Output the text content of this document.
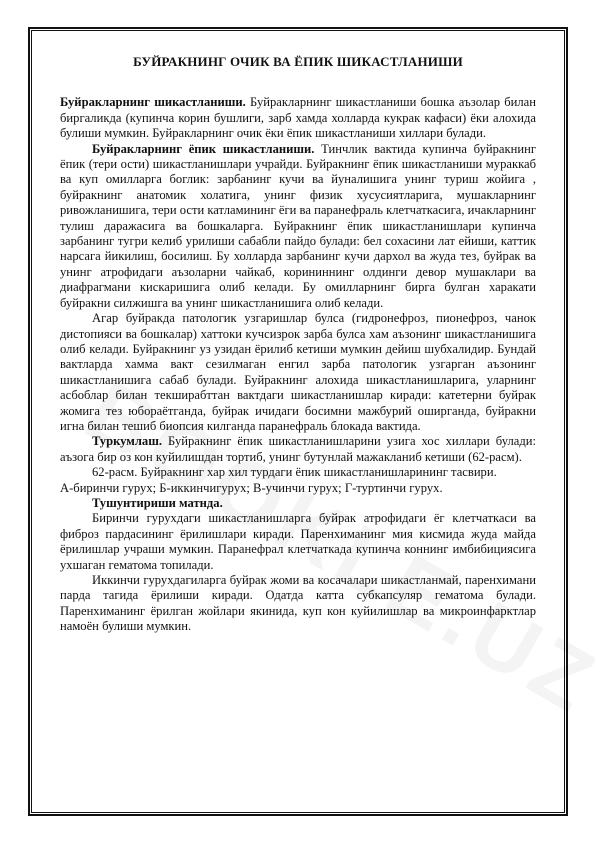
БУЙРАКНИНГ ОЧИК ВА ЁПИК ШИКАСТЛАНИШИ

Буйракларнинг шикастланиши. Буйракларнинг шикастланиши бошка аъзолар билан биргаликда (купинча корин бушлиги, зарб хамда холларда кукрак кафаси) ёки алохида булиши мумкин. Буйракларнинг очик ёки ёпик шикастланиши хиллари булади.

Буйракларнинг ёпик шикастланиши. Тинчлик вактида купинча буйракнинг ёпик (тери ости) шикастланишлари учрайди. Буйракнинг ёпик шикастланиши мураккаб ва куп омилларга боглик: зарбанинг кучи ва йуналишига унинг туриш жойига , буйракнинг анатомик холатига, унинг физик хусусиятларига, мушакларнинг ривожланишига, тери ости катламининг ёги ва паранефраль клетчаткасига, ичакларнинг тулиш даражасига ва бошкаларга. Буйракнинг ёпик шикастланишлари купинча зарбанинг тугри келиб урилиши сабабли пайдо булади: бел сохасини лат ейиши, каттик нарсага йикилиш, босилиш. Бу холларда зарбанинг кучи дархол ва жуда тез, буйрак ва унинг атрофидаги аъзоларни чайкаб, корининнинг олдинги девор мушаклари ва диафрагмани кискаришига олиб келади. Бу омилларнинг бирга булган харакати буйракни силжишга ва унинг шикастланишига олиб келади.

Агар буйракда патологик узгаришлар булса (гидронефроз, пионефроз, чанок дистопияси ва бошкалар) хаттоки кучсизрок зарба булса хам аъзонинг шикастланишига олиб келади. Буйракнинг уз узидан ёрилиб кетиши мумкин дейиш шубхалидир. Бундай вактларда хамма вакт сезилмаган енгил зарба патологик узгарган аъзонинг шикастланишига сабаб булади. Буйракнинг алохида шикастланишларига, уларнинг асбоблар билан текширабттан вактдаги шикастланишлар киради: катетерни буйрак жомига тез юбораётганда, буйрак ичидаги босимни мажбурий оширганда, буйракни игна билан тешиб биопсия килганда паранефраль блокада вактида.

Туркумлаш. Буйракнинг ёпик шикастланишларини узига хос хиллари булади: аъзога бир оз кон куйилишдан тортиб, унинг бутунлай мажакланиб кетиши (62-расм).

62-расм. Буйракнинг хар хил турдаги ёпик шикастланишларининг тасвири.

А-биринчи гурух; Б-иккинчигурух; В-учинчи гурух; Г-туртинчи гурух.

Тушунтириши матнда.

Биринчи гурухдаги шикастланишларга буйрак атрофидаги ёг клетчаткаси ва фиброз пардасининг ёрилишлари киради. Паренхиманинг мия кисмида жуда майда ёрилишлар учраши мумкин. Паранефрал клетчаткада купинча коннинг имбибициясига ухшаган гематома топилади.

Иккинчи гурухдагиларга буйрак жоми ва косачалари шикастланмай, паренхимани парда тагида ёрилиши киради. Одатда катта субкапсуляр гематома булади. Паренхиманинг ёрилган жойлари якинида, куп кон куйилишлар ва микроинфарктлар намоён булиши мумкин.
